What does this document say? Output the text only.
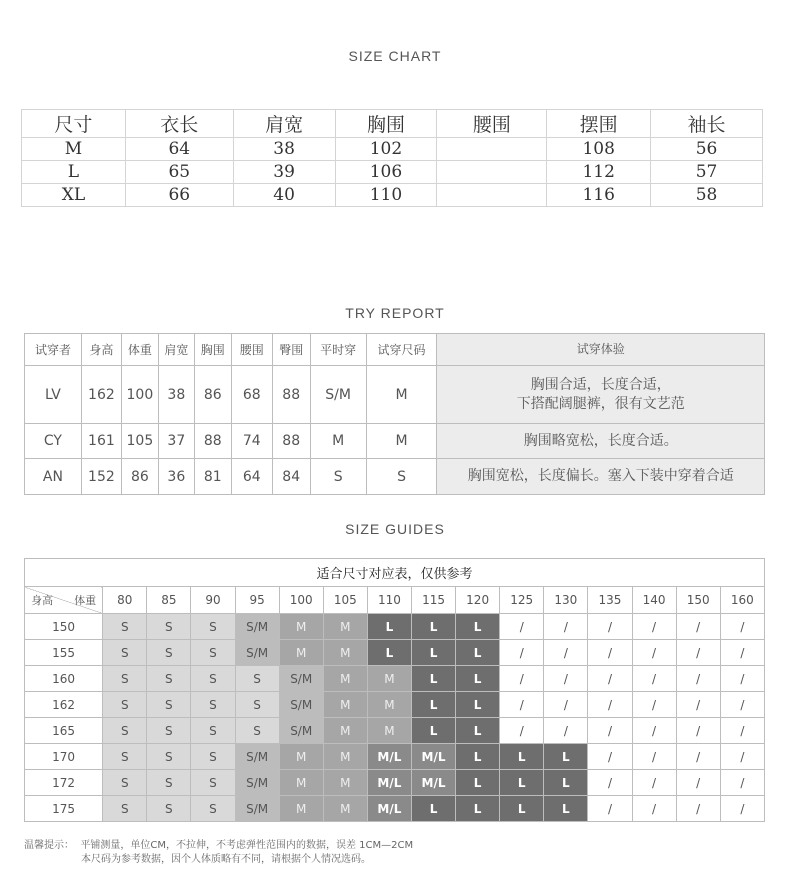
SIZE CHART
尺寸	衣长	肩宽	胸围	腰围	摆围	袖长
M	64	38	102		108	56
L	65	39	106		112	57
XL	66	40	110		116	58
TRY REPORT
试穿者	身高	体重	肩宽	胸围	腰围	臀围	平时穿	试穿尺码	试穿体验
LV	162	100	38	86	68	88	S/M	M	胸围合适，长度合适，
下搭配阔腿裤，很有文艺范

CY	161	105	37	88	74	88	M	M	胸围略宽松，长度合适。
AN	152	86	36	81	64	84	S	S	胸围宽松，长度偏长。塞入下装中穿着合适
SIZE GUIDES
适合尺寸对应表，仅供参考															
身高 体重	80	85	90	95	100	105	110	115	120	125	130	135	140	150	160
150	S	S	S	S/M	M	M	L	L	L	/	/	/	/	/	/
155	S	S	S	S/M	M	M	L	L	L	/	/	/	/	/	/
160	S	S	S	S	S/M	M	M	L	L	/	/	/	/	/	/
162	S	S	S	S	S/M	M	M	L	L	/	/	/	/	/	/
165	S	S	S	S	S/M	M	M	L	L	/	/	/	/	/	/
170	S	S	S	S/M	M	M	M/L	M/L	L	L	L	/	/	/	/
172	S	S	S	S/M	M	M	M/L	M/L	L	L	L	/	/	/	/
175	S	S	S	S/M	M	M	M/L	L	L	L	L	/	/	/	/
温馨提示：  平铺测量，单位CM，不拉伸，不考虑弹性范围内的数据，误差 1CM—2CM
本尺码为参考数据，因个人体质略有不同，请根据个人情况选码。
